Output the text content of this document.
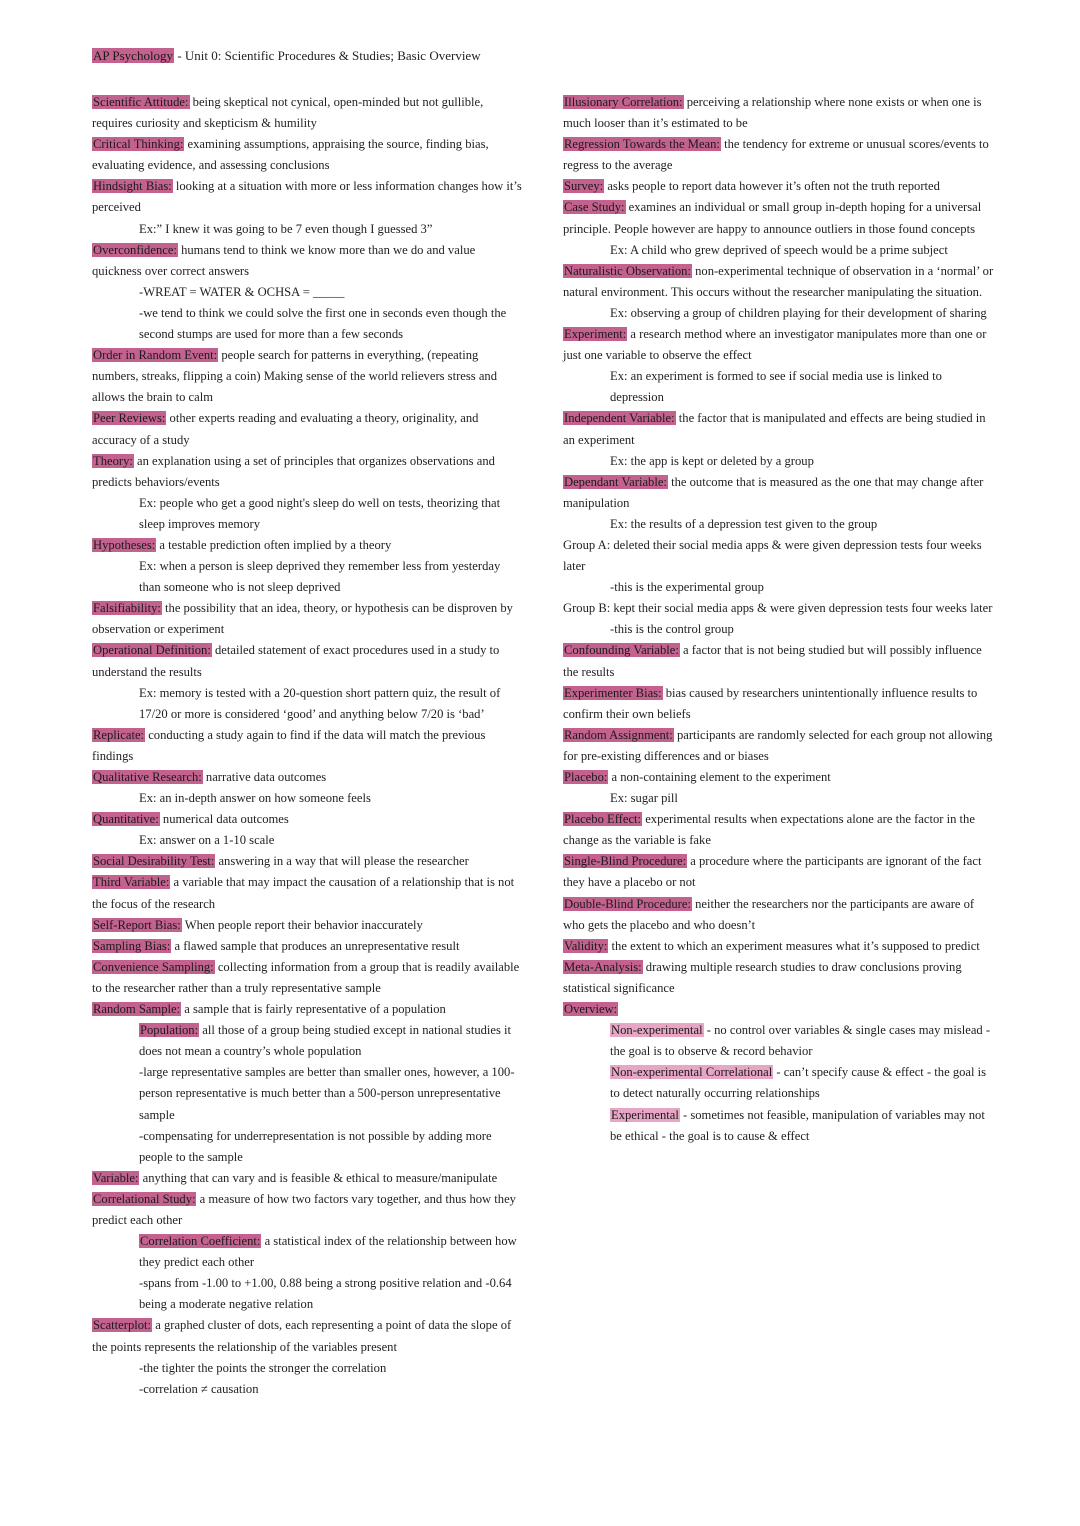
AP Psychology - Unit 0: Scientific Procedures & Studies; Basic Overview

Scientific Attitude: being skeptical not cynical, open-minded but not gullible, requires curiosity and skepticism & humility

Critical Thinking: examining assumptions, appraising the source, finding bias, evaluating evidence, and assessing conclusions

Hindsight Bias: looking at a situation with more or less information changes how it’s perceived

Ex:” I knew it was going to be 7 even though I guessed 3”

Overconfidence: humans tend to think we know more than we do and value quickness over correct answers

-WREAT = WATER & OCHSA = _____

-we tend to think we could solve the first one in seconds even though the second stumps are used for more than a few seconds

Order in Random Event: people search for patterns in everything, (repeating numbers, streaks, flipping a coin) Making sense of the world relievers stress and allows the brain to calm

Peer Reviews: other experts reading and evaluating a theory, originality, and accuracy of a study

Theory: an explanation using a set of principles that organizes observations and predicts behaviors/events

Ex: people who get a good night's sleep do well on tests, theorizing that sleep improves memory

Hypotheses: a testable prediction often implied by a theory

Ex: when a person is sleep deprived they remember less from yesterday than someone who is not sleep deprived

Falsifiability: the possibility that an idea, theory, or hypothesis can be disproven by observation or experiment

Operational Definition: detailed statement of exact procedures used in a study to understand the results

Ex: memory is tested with a 20-question short pattern quiz, the result of 17/20 or more is considered ‘good’ and anything below 7/20 is ‘bad’

Replicate: conducting a study again to find if the data will match the previous findings

Qualitative Research: narrative data outcomes

Ex: an in-depth answer on how someone feels

Quantitative: numerical data outcomes

Ex: answer on a 1-10 scale

Social Desirability Test: answering in a way that will please the researcher

Third Variable: a variable that may impact the causation of a relationship that is not the focus of the research

Self-Report Bias: When people report their behavior inaccurately

Sampling Bias: a flawed sample that produces an unrepresentative result

Convenience Sampling: collecting information from a group that is readily available to the researcher rather than a truly representative sample

Random Sample: a sample that is fairly representative of a population

Population: all those of a group being studied except in national studies it does not mean a country’s whole population

-large representative samples are better than smaller ones, however, a 100-person representative is much better than a 500-person unrepresentative sample

-compensating for underrepresentation is not possible by adding more people to the sample

Variable: anything that can vary and is feasible & ethical to measure/manipulate

Correlational Study: a measure of how two factors vary together, and thus how they predict each other

Correlation Coefficient: a statistical index of the relationship between how they predict each other

-spans from -1.00 to +1.00, 0.88 being a strong positive relation and -0.64 being a moderate negative relation

Scatterplot: a graphed cluster of dots, each representing a point of data the slope of the points represents the relationship of the variables present

-the tighter the points the stronger the correlation

-correlation ≠ causation

Illusionary Correlation: perceiving a relationship where none exists or when one is much looser than it’s estimated to be

Regression Towards the Mean: the tendency for extreme or unusual scores/events to regress to the average

Survey: asks people to report data however it’s often not the truth reported

Case Study: examines an individual or small group in-depth hoping for a universal principle. People however are happy to announce outliers in those found concepts

Ex: A child who grew deprived of speech would be a prime subject

Naturalistic Observation: non-experimental technique of observation in a ‘normal’ or natural environment. This occurs without the researcher manipulating the situation.

Ex: observing a group of children playing for their development of sharing

Experiment: a research method where an investigator manipulates more than one or just one variable to observe the effect

Ex: an experiment is formed to see if social media use is linked to depression

Independent Variable: the factor that is manipulated and effects are being studied in an experiment

Ex: the app is kept or deleted by a group

Dependant Variable: the outcome that is measured as the one that may change after manipulation

Ex: the results of a depression test given to the group

Group A: deleted their social media apps & were given depression tests four weeks later

-this is the experimental group

Group B: kept their social media apps & were given depression tests four weeks later

-this is the control group

Confounding Variable: a factor that is not being studied but will possibly influence the results

Experimenter Bias: bias caused by researchers unintentionally influence results to confirm their own beliefs

Random Assignment: participants are randomly selected for each group not allowing for pre-existing differences and or biases

Placebo: a non-containing element to the experiment

Ex: sugar pill

Placebo Effect: experimental results when expectations alone are the factor in the change as the variable is fake

Single-Blind Procedure: a procedure where the participants are ignorant of the fact they have a placebo or not

Double-Blind Procedure: neither the researchers nor the participants are aware of who gets the placebo and who doesn’t

Validity: the extent to which an experiment measures what it’s supposed to predict

Meta-Analysis: drawing multiple research studies to draw conclusions proving statistical significance

Overview:

Non-experimental - no control over variables & single cases may mislead - the goal is to observe & record behavior

Non-experimental Correlational - can’t specify cause & effect - the goal is to detect naturally occurring relationships

Experimental - sometimes not feasible, manipulation of variables may not be ethical - the goal is to cause & effect
